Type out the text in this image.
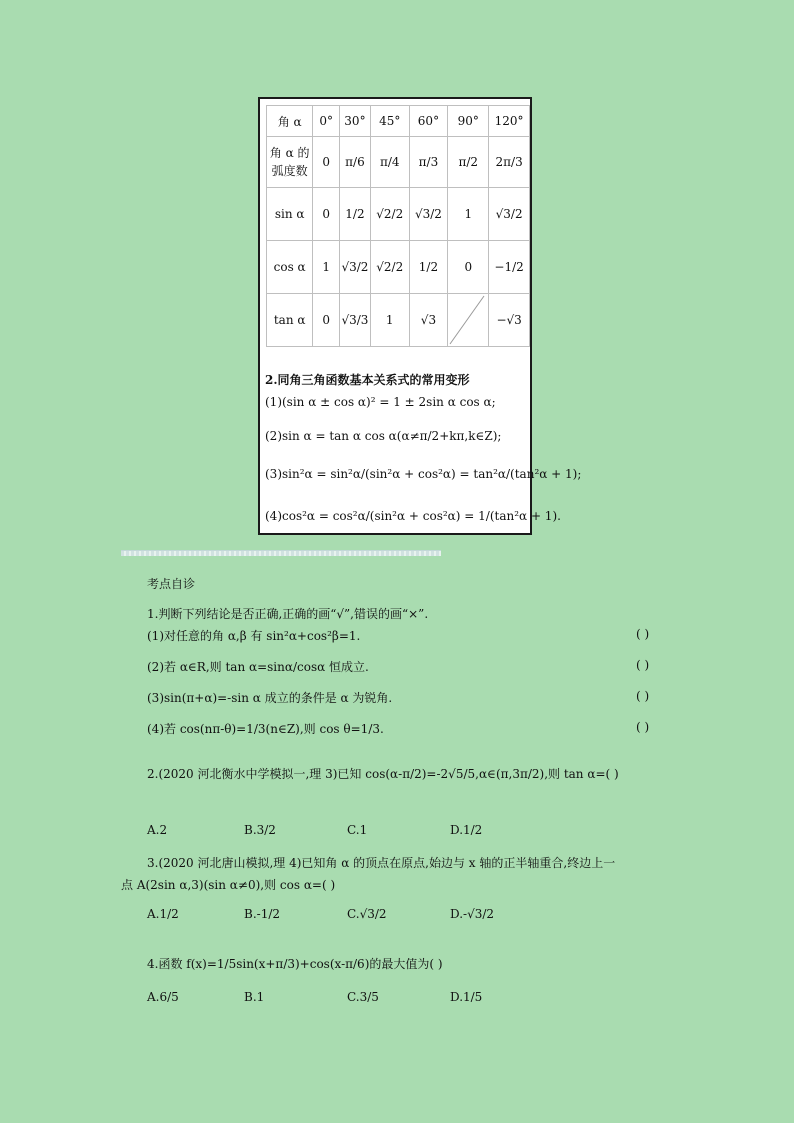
角 α	0°	30°	45°	60°	90°	120°
角 α 的 弧度数	0	π/6	π/4	π/3	π/2	2π/3
sin α	0	1/2	√2/2	√3/2	1	√3/2
cos α	1	√3/2	√2/2	1/2	0	−1/2
tan α	0	√3/3	1	√3		−√3
2.同角三角函数基本关系式的常用变形
(1)(sin α ± cos α)² = 1 ± 2sin α cos α;
(2)sin α = tan α cos α(α≠π/2+kπ,k∈Z);
(3)sin²α = sin²α/(sin²α + cos²α) = tan²α/(tan²α + 1);
(4)cos²α = cos²α/(sin²α + cos²α) = 1/(tan²α + 1).
考点自诊
1.判断下列结论是否正确,正确的画“√”,错误的画“×”.
(1)对任意的角 α,β 有 sin²α+cos²β=1.	( )
(2)若 α∈R,则 tan α=sinα/cosα 恒成立.	( )
(3)sin(π+α)=-sin α 成立的条件是 α 为锐角.	( )
(4)若 cos(nπ-θ)=1/3(n∈Z),则 cos θ=1/3.	( )
2.(2020 河北衡水中学模拟一,理 3)已知 cos(α-π/2)=-2√5/5,α∈(π,3π/2),则 tan α=( )
A.2	B.3/2	C.1	D.1/2
3.(2020 河北唐山模拟,理 4)已知角 α 的顶点在原点,始边与 x 轴的正半轴重合,终边上一
点 A(2sin α,3)(sin α≠0),则 cos α=( )
A.1/2	B.-1/2	C.√3/2	D.-√3/2
4.函数 f(x)=1/5sin(x+π/3)+cos(x-π/6)的最大值为( )
A.6/5	B.1	C.3/5	D.1/5
